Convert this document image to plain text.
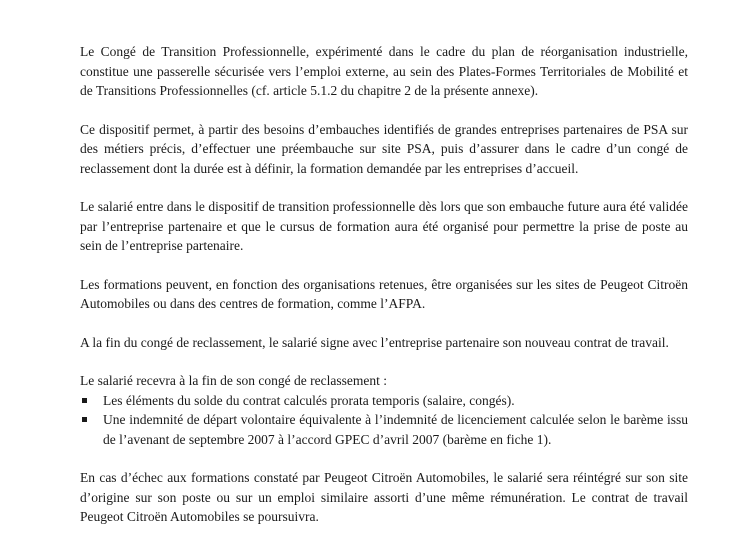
Le Congé de Transition Professionnelle, expérimenté dans le cadre du plan de réorganisation industrielle, constitue une passerelle sécurisée vers l’emploi externe, au sein des Plates-Formes Territoriales de Mobilité et de Transitions Professionnelles (cf. article 5.1.2 du chapitre 2 de la présente annexe).

Ce dispositif permet, à partir des besoins d’embauches identifiés de grandes entreprises partenaires de PSA sur des métiers précis, d’effectuer une préembauche sur site PSA, puis d’assurer dans le cadre d’un congé de reclassement dont la durée est à définir, la formation demandée par les entreprises d’accueil.

Le salarié entre dans le dispositif de transition professionnelle dès lors que son embauche future aura été validée par l’entreprise partenaire et que le cursus de formation aura été organisé pour permettre la prise de poste au sein de l’entreprise partenaire.

Les formations peuvent, en fonction des organisations retenues, être organisées sur les sites de Peugeot Citroën Automobiles ou dans des centres de formation, comme l’AFPA.

A la fin du congé de reclassement, le salarié signe avec l’entreprise partenaire son nouveau contrat de travail.

Le salarié recevra à la fin de son congé de reclassement :

Les éléments du solde du contrat calculés prorata temporis (salaire, congés).
Une indemnité de départ volontaire équivalente à l’indemnité de licenciement calculée selon le barème issu de l’avenant de septembre 2007 à l’accord GPEC d’avril 2007 (barème en fiche 1).

En cas d’échec aux formations constaté par Peugeot Citroën Automobiles, le salarié sera réintégré sur son site d’origine sur son poste ou sur un emploi similaire assorti d’une même rémunération. Le contrat de travail Peugeot Citroën Automobiles se poursuivra.
